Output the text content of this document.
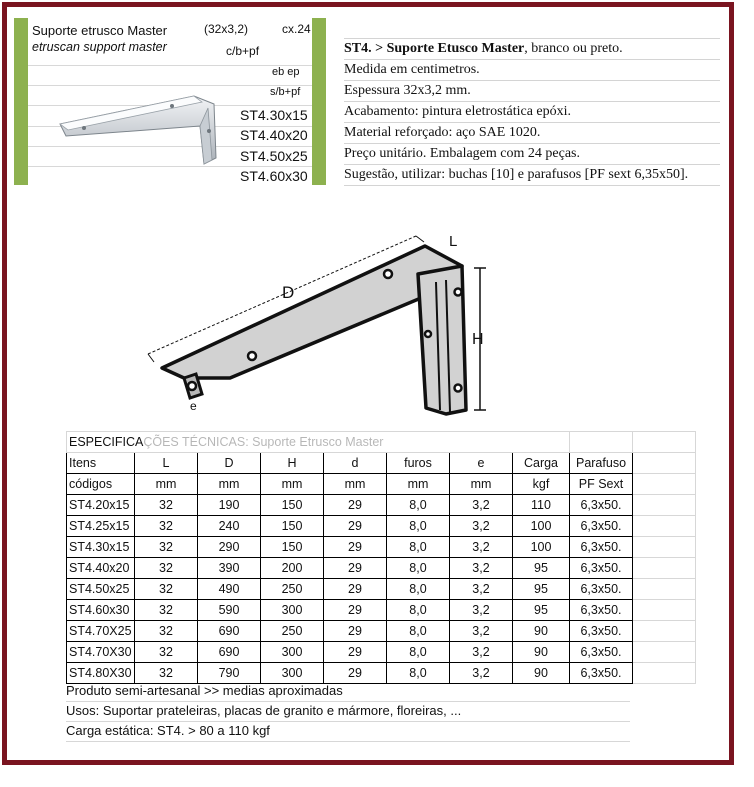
Suporte etrusco Master	(32x3,2)	cx.24
etruscan support master	c/b+pf
eb ep
s/b+pf
ST4.30x15
ST4.40x20
ST4.50x25
ST4.60x30
ST4. > Suporte Etusco Master, branco ou preto.
Medida em centimetros.
Espessura 32x3,2 mm.
Acabamento: pintura eletrostática epóxi.
Material reforçado: aço SAE 1020.
Preço unitário. Embalagem com 24 peças.
Sugestão, utilizar: buchas [10] e parafusos [PF sext 6,35x50].
D
L
H
e
ESPECIFICAÇÕES TÉCNICAS: Suporte Etrusco Master									
Itens	L	D	H	d	furos	e	Carga	Parafuso	
códigos	mm	mm	mm	mm	mm	mm	kgf	PF Sext	
ST4.20x15	32	190	150	29	8,0	3,2	110	6,3x50.	
ST4.25x15	32	240	150	29	8,0	3,2	100	6,3x50.	
ST4.30x15	32	290	150	29	8,0	3,2	100	6,3x50.	
ST4.40x20	32	390	200	29	8,0	3,2	95	6,3x50.	
ST4.50x25	32	490	250	29	8,0	3,2	95	6,3x50.	
ST4.60x30	32	590	300	29	8,0	3,2	95	6,3x50.	
ST4.70X25	32	690	250	29	8,0	3,2	90	6,3x50.	
ST4.70X30	32	690	300	29	8,0	3,2	90	6,3x50.	
ST4.80X30	32	790	300	29	8,0	3,2	90	6,3x50.	
Produto semi-artesanal >> medias aproximadas
Usos: Suportar prateleiras, placas de granito e mármore, floreiras, ...
Carga estática: ST4. > 80 a 110 kgf
